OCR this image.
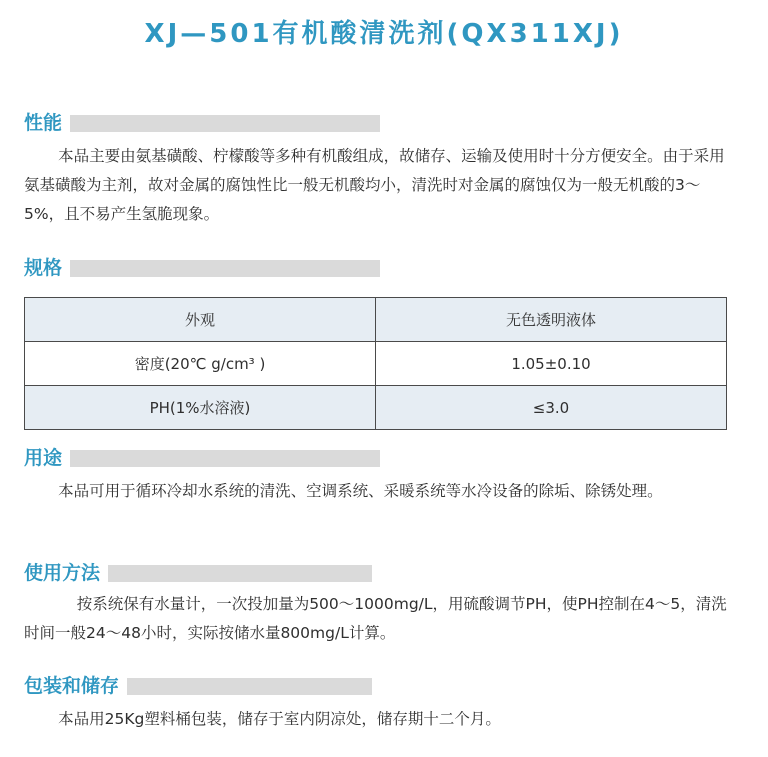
XJ—501有机酸清洗剂(QX311XJ)
性能

本品主要由氨基磺酸、柠檬酸等多种有机酸组成，故储存、运输及使用时十分方便安全。由于采用氨基磺酸为主剂，故对金属的腐蚀性比一般无机酸均小，清洗时对金属的腐蚀仅为一般无机酸的3～5%，且不易产生氢脆现象。

规格
外观	无色透明液体
密度(20℃ g/cm³ )	1.05±0.10
PH(1%水溶液)	≤3.0
用途

本品可用于循环冷却水系统的清洗、空调系统、采暖系统等水冷设备的除垢、除锈处理。

使用方法

按系统保有水量计，一次投加量为500～1000mg/L，用硫酸调节PH，使PH控制在4～5，清洗时间一般24～48小时，实际按储水量800mg/L计算。

包装和储存

本品用25Kg塑料桶包装，储存于室内阴凉处，储存期十二个月。
